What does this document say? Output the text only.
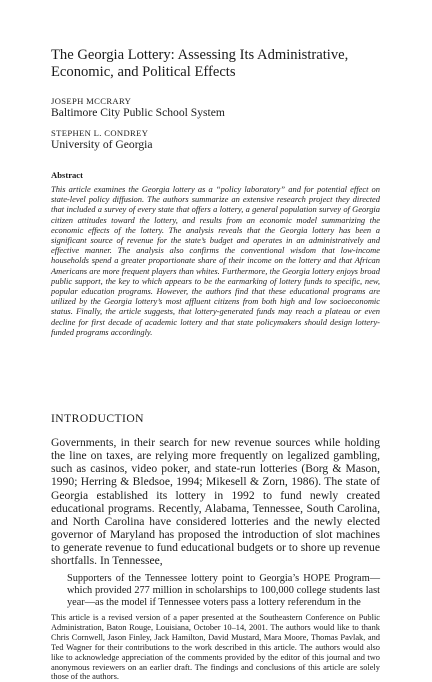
The Georgia Lottery: Assessing Its Administrative, Economic, and Political Effects
JOSEPH MCCRARY
Baltimore City Public School System
STEPHEN L. CONDREY
University of Georgia
Abstract

This article examines the Georgia lottery as a “policy laboratory” and for potential effect on state-level policy diffusion. The authors summarize an extensive research project they directed that included a survey of every state that offers a lottery, a general population survey of Georgia citizen attitudes toward the lottery, and results from an economic model summarizing the economic effects of the lottery. The analysis reveals that the Georgia lottery has been a significant source of revenue for the state’s budget and operates in an administratively and effective manner. The analysis also confirms the conventional wisdom that low-income households spend a greater proportionate share of their income on the lottery and that African Americans are more frequent players than whites. Furthermore, the Georgia lottery enjoys broad public support, the key to which appears to be the earmarking of lottery funds to specific, new, popular education programs. However, the authors find that these educational programs are utilized by the Georgia lottery’s most affluent citizens from both high and low socioeconomic status. Finally, the article suggests, that lottery-generated funds may reach a plateau or even decline for first decade of academic lottery and that state policymakers should design lottery-funded programs accordingly.

INTRODUCTION

Governments, in their search for new revenue sources while holding the line on taxes, are relying more frequently on legalized gambling, such as casinos, video poker, and state-run lotteries (Borg & Mason, 1990; Herring & Bledsoe, 1994; Mikesell & Zorn, 1986). The state of Georgia established its lottery in 1992 to fund newly created educational programs. Recently, Alabama, Tennessee, South Carolina, and North Carolina have considered lotteries and the newly elected governor of Maryland has proposed the introduction of slot machines to generate revenue to fund educational budgets or to shore up revenue shortfalls. In Tennessee,

Supporters of the Tennessee lottery point to Georgia’s HOPE Program—which provided 277 million in scholarships to 100,000 college students last year—as the model if Tennessee voters pass a lottery referendum in the

This article is a revised version of a paper presented at the Southeastern Conference on Public Administration, Baton Rouge, Louisiana, October 10–14, 2001. The authors would like to thank Chris Cornwell, Jason Finley, Jack Hamilton, David Mustard, Mara Moore, Thomas Pavlak, and Ted Wagner for their contributions to the work described in this article. The authors would also like to acknowledge appreciation of the comments provided by the editor of this journal and two anonymous reviewers on an earlier draft. The findings and conclusions of this article are solely those of the authors.
